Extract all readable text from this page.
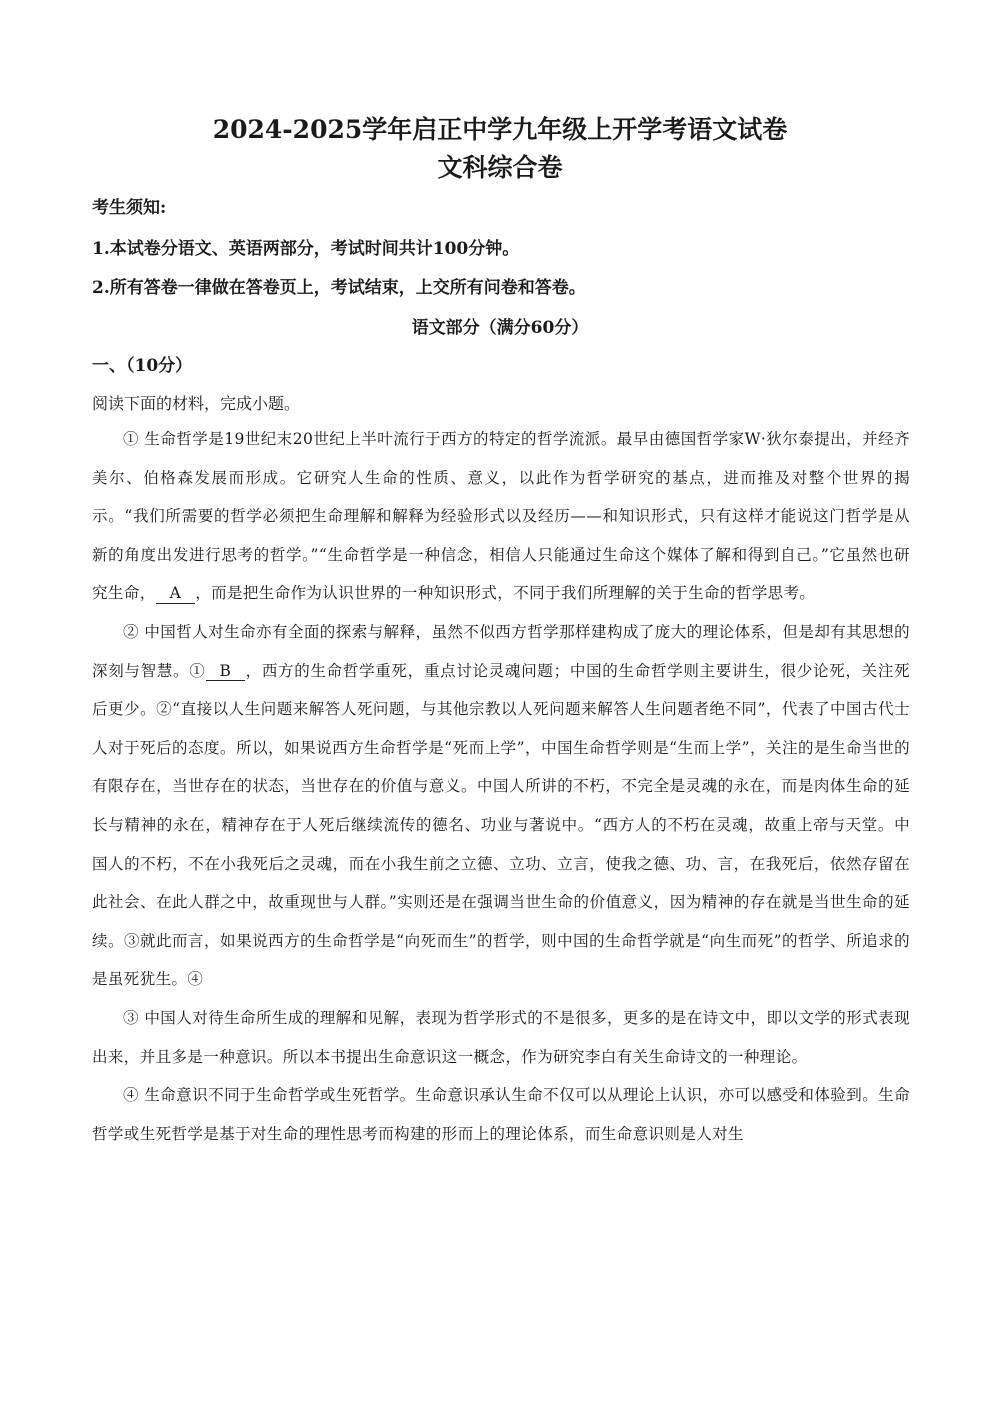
2024-2025学年启正中学九年级上开学考语文试卷
文科综合卷
考生须知:
1.本试卷分语文、英语两部分，考试时间共计100分钟。
2.所有答卷一律做在答卷页上，考试结束，上交所有问卷和答卷。
语文部分（满分60分）
一、（10分）
阅读下面的材料，完成小题。

① 生命哲学是19世纪末20世纪上半叶流行于西方的特定的哲学流派。最早由德国哲学家W·狄尔泰提出，并经齐美尔、伯格森发展而形成。它研究人生命的性质、意义，以此作为哲学研究的基点，进而推及对整个世界的揭示。“我们所需要的哲学必须把生命理解和解释为经验形式以及经历——和知识形式，只有这样才能说这门哲学是从新的角度出发进行思考的哲学。”“生命哲学是一种信念，相信人只能通过生命这个媒体了解和得到自己。”它虽然也研究生命， A ，而是把生命作为认识世界的一种知识形式，不同于我们所理解的关于生命的哲学思考。

② 中国哲人对生命亦有全面的探索与解释，虽然不似西方哲学那样建构成了庞大的理论体系，但是却有其思想的深刻与智慧。① B ，西方的生命哲学重死，重点讨论灵魂问题；中国的生命哲学则主要讲生，很少论死，关注死后更少。②“直接以人生问题来解答人死问题，与其他宗教以人死问题来解答人生问题者绝不同”，代表了中国古代士人对于死后的态度。所以，如果说西方生命哲学是“死而上学”，中国生命哲学则是“生而上学”，关注的是生命当世的有限存在，当世存在的状态，当世存在的价值与意义。中国人所讲的不朽，不完全是灵魂的永在，而是肉体生命的延长与精神的永在，精神存在于人死后继续流传的德名、功业与著说中。“西方人的不朽在灵魂，故重上帝与天堂。中国人的不朽，不在小我死后之灵魂，而在小我生前之立德、立功、立言，使我之德、功、言，在我死后，依然存留在此社会、在此人群之中，故重现世与人群。”实则还是在强调当世生命的价值意义，因为精神的存在就是当世生命的延续。③就此而言，如果说西方的生命哲学是“向死而生”的哲学，则中国的生命哲学就是“向生而死”的哲学、所追求的是虽死犹生。④

③ 中国人对待生命所生成的理解和见解，表现为哲学形式的不是很多，更多的是在诗文中，即以文学的形式表现出来，并且多是一种意识。所以本书提出生命意识这一概念，作为研究李白有关生命诗文的一种理论。

④ 生命意识不同于生命哲学或生死哲学。生命意识承认生命不仅可以从理论上认识，亦可以感受和体验到。生命哲学或生死哲学是基于对生命的理性思考而构建的形而上的理论体系，而生命意识则是人对生
